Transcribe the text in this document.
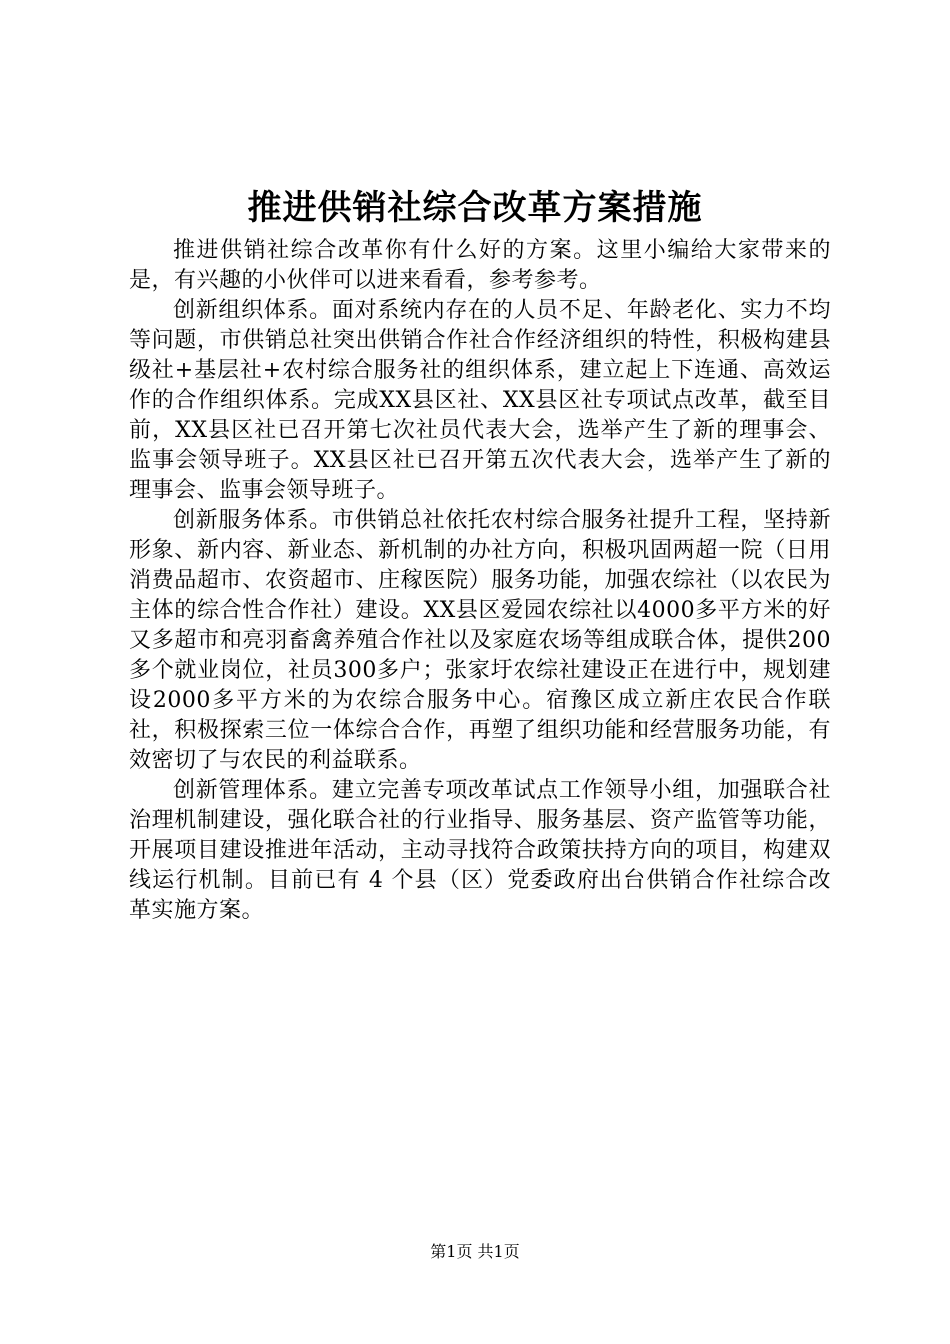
推进供销社综合改革方案措施

推进供销社综合改革你有什么好的方案。这里小编给大家带来的是，有兴趣的小伙伴可以进来看看，参考参考。

创新组织体系。面对系统内存在的人员不足、年龄老化、实力不均等问题，市供销总社突出供销合作社合作经济组织的特性，积极构建县级社+基层社+农村综合服务社的组织体系，建立起上下连通、高效运作的合作组织体系。完成XX县区社、XX县区社专项试点改革，截至目前，XX县区社已召开第七次社员代表大会，选举产生了新的理事会、监事会领导班子。XX县区社已召开第五次代表大会，选举产生了新的理事会、监事会领导班子。

创新服务体系。市供销总社依托农村综合服务社提升工程，坚持新形象、新内容、新业态、新机制的办社方向，积极巩固两超一院（日用消费品超市、农资超市、庄稼医院）服务功能，加强农综社（以农民为主体的综合性合作社）建设。XX县区爱园农综社以4000多平方米的好又多超市和亮羽畜禽养殖合作社以及家庭农场等组成联合体，提供200多个就业岗位，社员300多户；张家圩农综社建设正在进行中，规划建设2000多平方米的为农综合服务中心。宿豫区成立新庄农民合作联社，积极探索三位一体综合合作，再塑了组织功能和经营服务功能，有效密切了与农民的利益联系。

创新管理体系。建立完善专项改革试点工作领导小组，加强联合社治理机制建设，强化联合社的行业指导、服务基层、资产监管等功能，开展项目建设推进年活动，主动寻找符合政策扶持方向的项目，构建双线运行机制。目前已有 4 个县（区）党委政府出台供销合作社综合改革实施方案。

第1页 共1页
